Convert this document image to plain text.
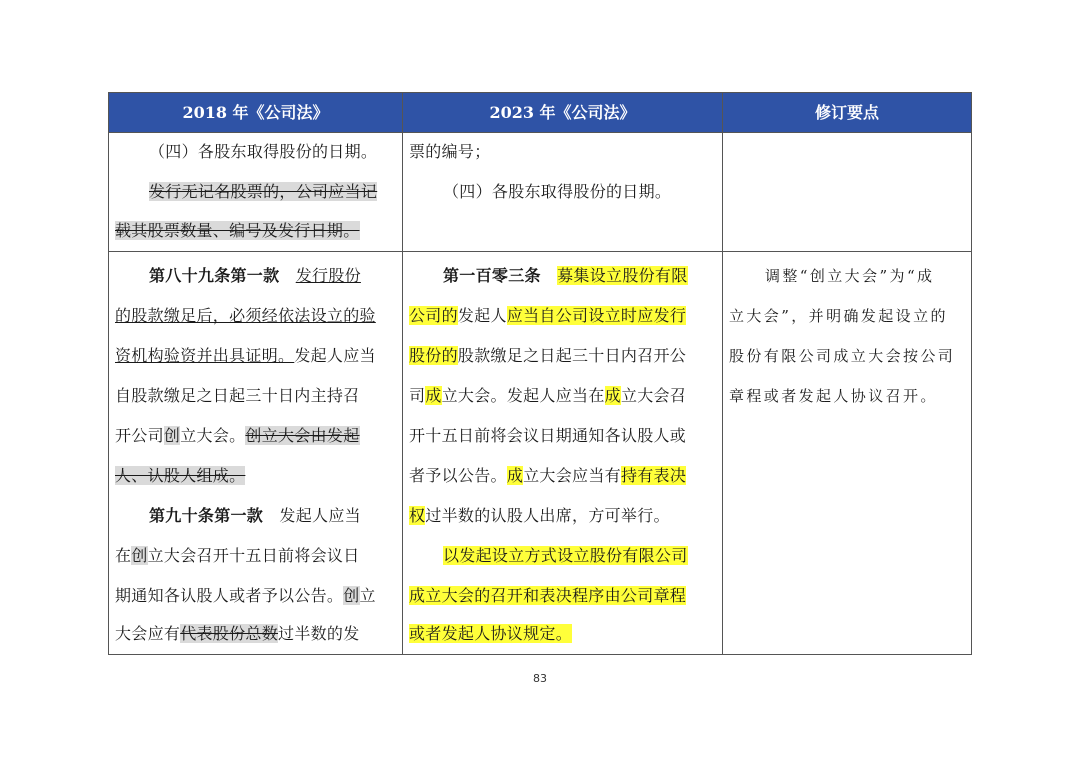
2018 年《公司法》	2023 年《公司法》	修订要点
（四）各股东取得股份的日期。
发行无记名股票的，公司应当记
载其股票数量、编号及发行日期。
票的编号；
（四）各股东取得股份的日期。
第八十九条第一款　 发行股份
的股款缴足后，必须经依法设立的验
资机构验资并出具证明。发起人应当
自股款缴足之日起三十日内主持召
开公司创立大会。创立大会由发起
人、认股人组成。
第九十条第一款　 发起人应当
在创立大会召开十五日前将会议日
期通知各认股人或者予以公告。创立
大会应有代表股份总数过半数的发
第一百零三条　 募集设立股份有限
公司的发起人应当自公司设立时应发行
股份的股款缴足之日起三十日内召开公
司成立大会。发起人应当在成立大会召
开十五日前将会议日期通知各认股人或
者予以公告。成立大会应当有持有表决
权过半数的认股人出席，方可举行。
以发起设立方式设立股份有限公司
成立大会的召开和表决程序由公司章程
或者发起人协议规定。
调整“创立大会”为“成
立大会”，并明确发起设立的
股份有限公司成立大会按公司
章程或者发起人协议召开。
83
